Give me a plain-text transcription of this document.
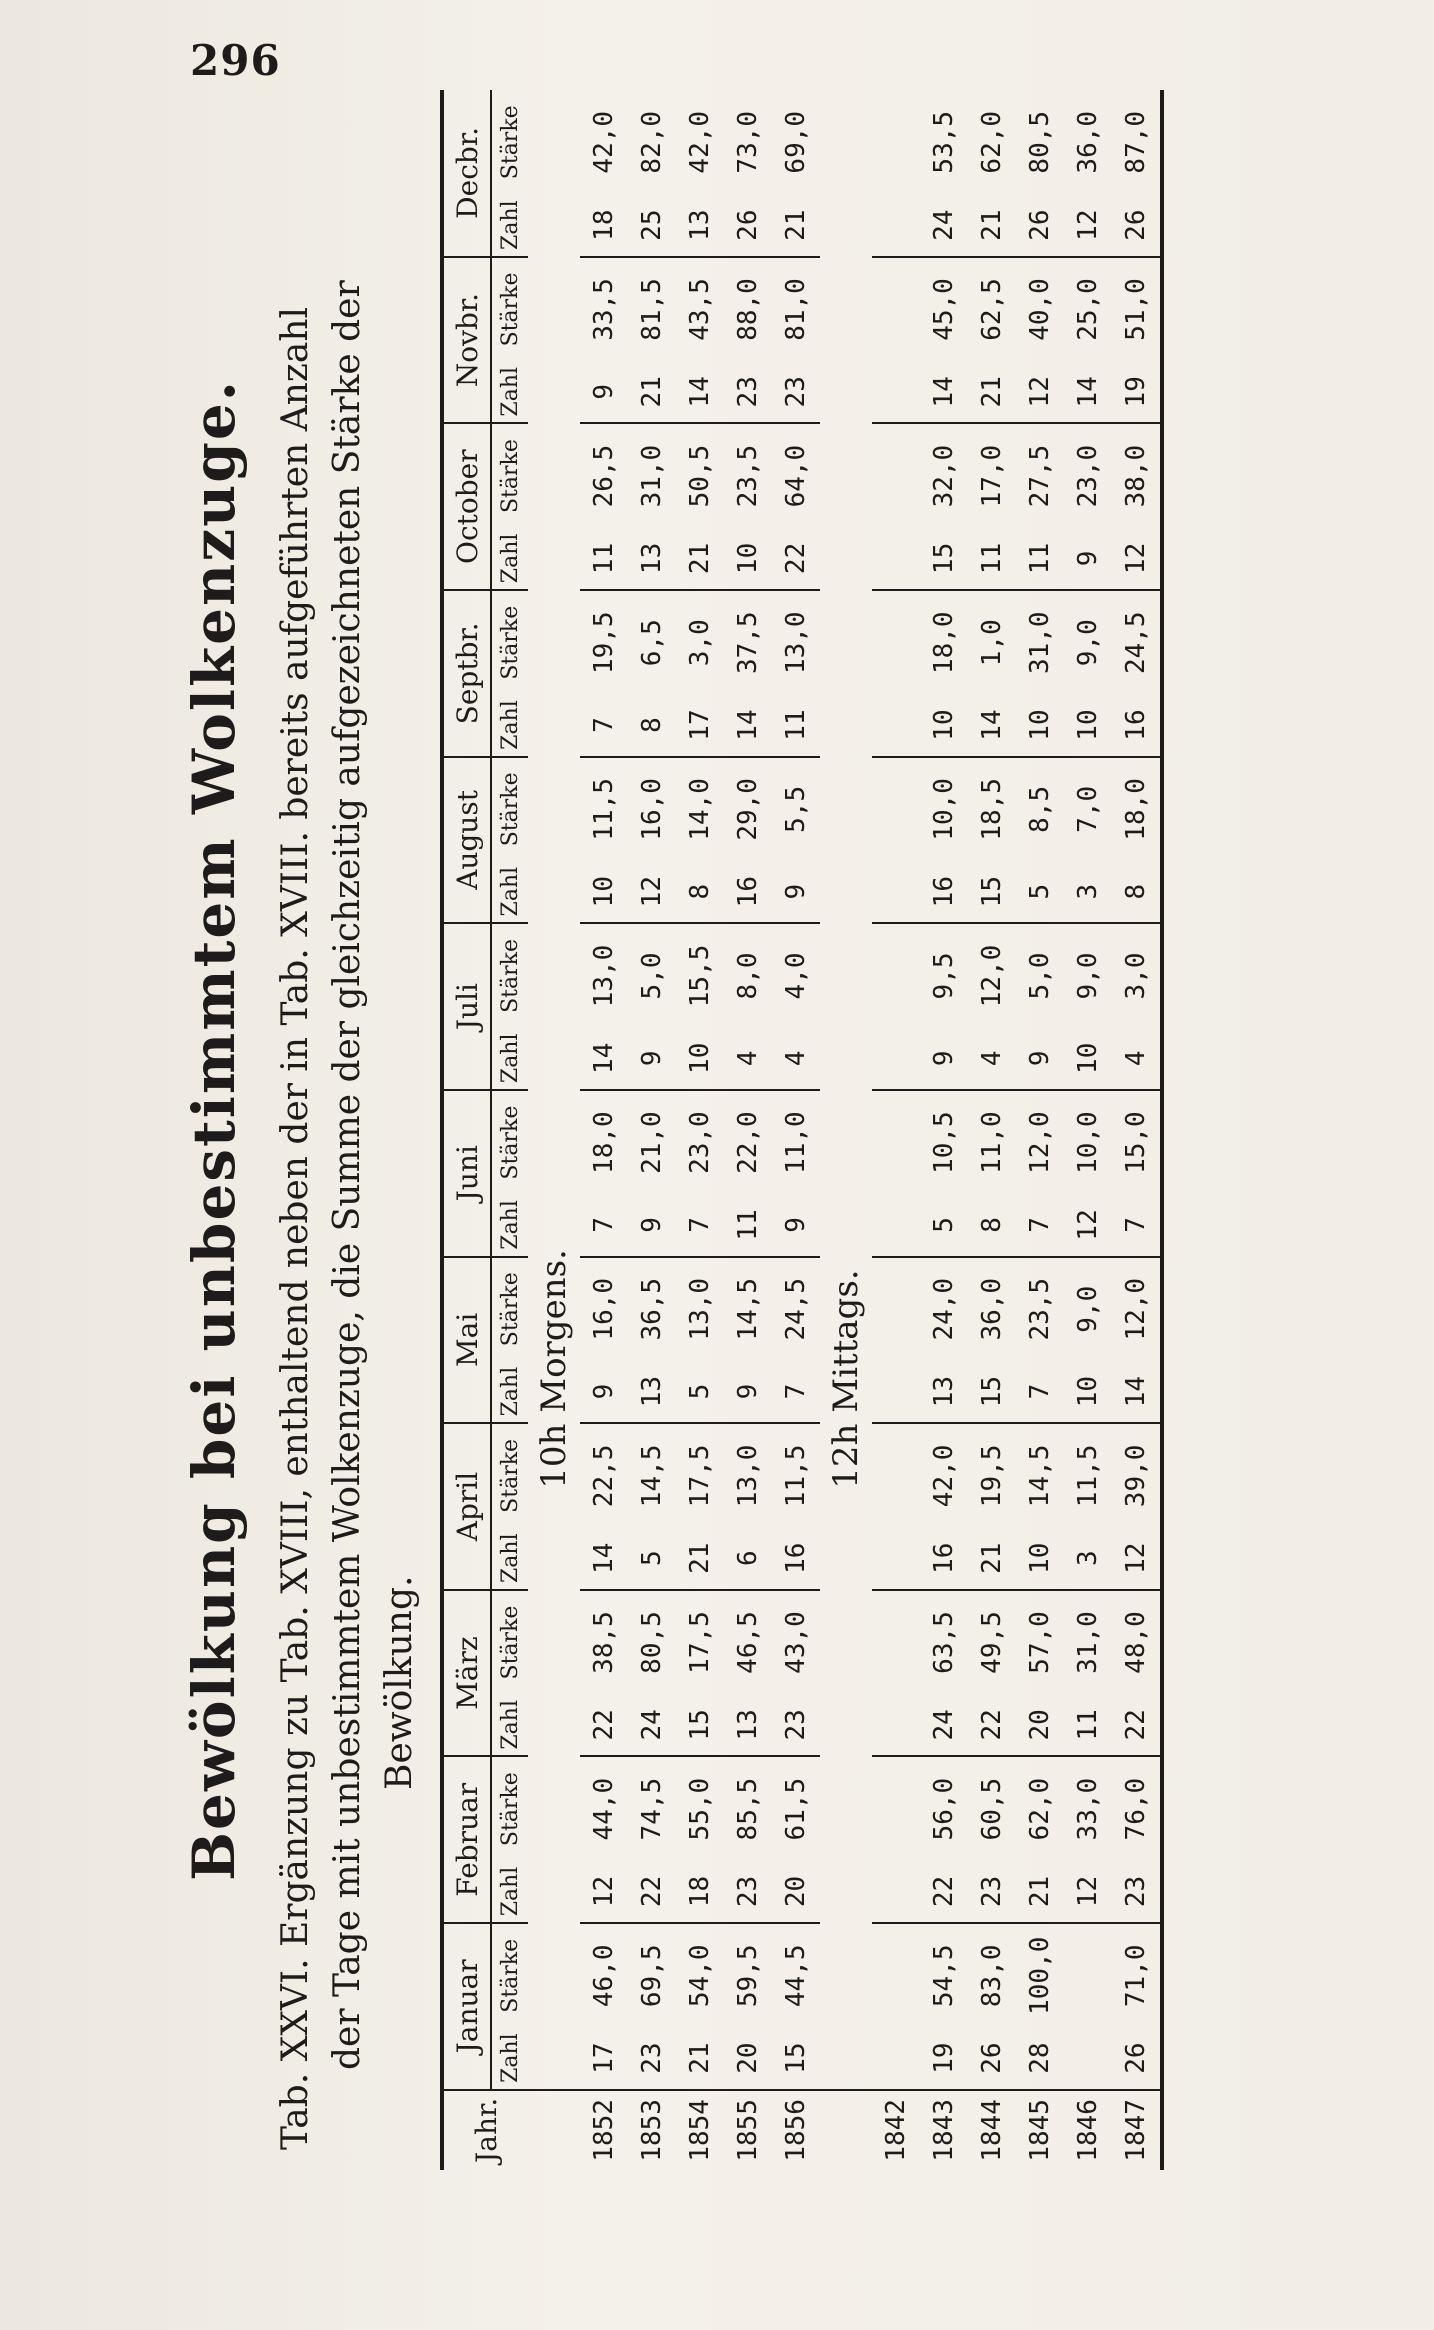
296
Bewölkung bei unbestimmtem Wolkenzuge. Tab. XXVI. Ergänzung zu Tab. XVIII, enthaltend neben der in Tab. XVIII. bereits aufgeführten Anzahl der Tage mit unbestimmtem Wolkenzuge, die Summe der gleichzeitig aufgezeichneten Stärke der Bewölkung.
Jahr.	Januar		Februar		März		April		Mai		Juni		Juli		August		Septbr.		October		Novbr.		Decbr.	
	Zahl	Stärke	Zahl	Stärke	Zahl	Stärke	Zahl	Stärke	Zahl	Stärke	Zahl	Stärke	Zahl	Stärke	Zahl	Stärke	Zahl	Stärke	Zahl	Stärke	Zahl	Stärke	Zahl	Stärke
	10h Morgens.																							
1852	17	46,0	12	44,0	22	38,5	14	22,5	9	16,0	7	18,0	14	13,0	10	11,5	7	19,5	11	26,5	9	33,5	18	42,0
1853	23	69,5	22	74,5	24	80,5	5	14,5	13	36,5	9	21,0	9	5,0	12	16,0	8	6,5	13	31,0	21	81,5	25	82,0
1854	21	54,0	18	55,0	15	17,5	21	17,5	5	13,0	7	23,0	10	15,5	8	14,0	17	3,0	21	50,5	14	43,5	13	42,0
1855	20	59,5	23	85,5	13	46,5	6	13,0	9	14,5	11	22,0	4	8,0	16	29,0	14	37,5	10	23,5	23	88,0	26	73,0
1856	15	44,5	20	61,5	23	43,0	16	11,5	7	24,5	9	11,0	4	4,0	9	5,5	11	13,0	22	64,0	23	81,0	21	69,0
	12h Mittags.																							
1842																								
1843	19	54,5	22	56,0	24	63,5	16	42,0	13	24,0	5	10,5	9	9,5	16	10,0	10	18,0	15	32,0	14	45,0	24	53,5
1844	26	83,0	23	60,5	22	49,5	21	19,5	15	36,0	8	11,0	4	12,0	15	18,5	14	1,0	11	17,0	21	62,5	21	62,0
1845	28	100,0	21	62,0	20	57,0	10	14,5	7	23,5	7	12,0	9	5,0	5	8,5	10	31,0	11	27,5	12	40,0	26	80,5
1846			12	33,0	11	31,0	3	11,5	10	9,0	12	10,0	10	9,0	3	7,0	10	9,0	9	23,0	14	25,0	12	36,0
1847	26	71,0	23	76,0	22	48,0	12	39,0	14	12,0	7	15,0	4	3,0	8	18,0	16	24,5	12	38,0	19	51,0	26	87,0
